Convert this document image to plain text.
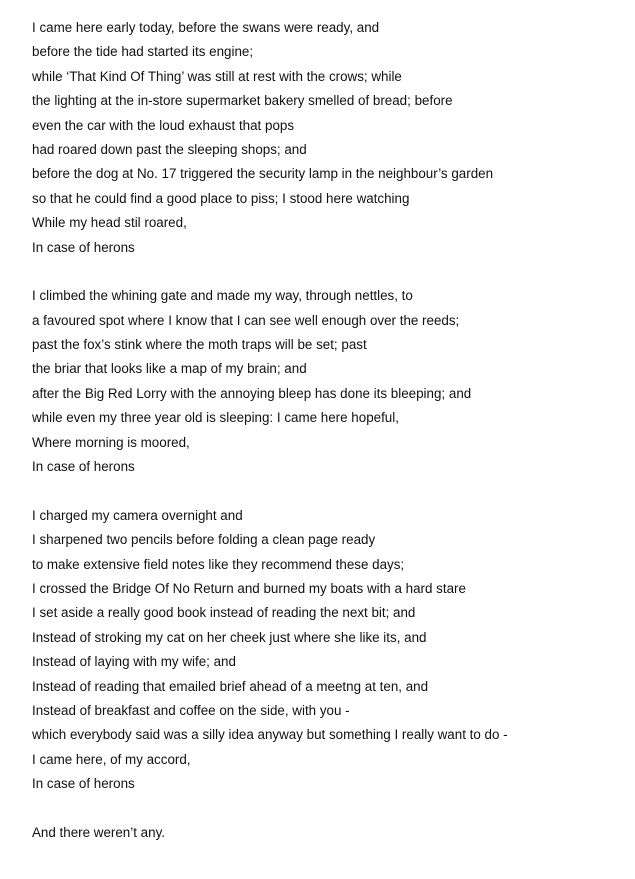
I came here early today, before the swans were ready, and
before the tide had started its engine;
while ‘That Kind Of Thing’ was still at rest with the crows; while
the lighting at the in-store supermarket bakery smelled of bread; before
even the car with the loud exhaust that pops
had roared down past the sleeping shops; and
before the dog at No. 17 triggered the security lamp in the neighbour’s garden
so that he could find a good place to piss; I stood here watching
While my head stil roared,
In case of herons
I climbed the whining gate and made my way, through nettles, to
a favoured spot where I know that I can see well enough over the reeds;
past the fox’s stink where the moth traps will be set; past
the briar that looks like a map of my brain; and
after the Big Red Lorry with the annoying bleep has done its bleeping; and
while even my three year old is sleeping: I came here hopeful,
Where morning is moored,
In case of herons
I charged my camera overnight and
I sharpened two pencils before folding a clean page ready
to make extensive field notes like they recommend these days;
I crossed the Bridge Of No Return and burned my boats with a hard stare
I set aside a really good book instead of reading the next bit; and
Instead of stroking my cat on her cheek just where she like its, and
Instead of laying with my wife; and
Instead of reading that emailed brief ahead of a meetng at ten, and
Instead of breakfast and coffee on the side, with you -
which everybody said was a silly idea anyway but something I really want to do -
I came here, of my accord,
In case of herons
And there weren’t any.
